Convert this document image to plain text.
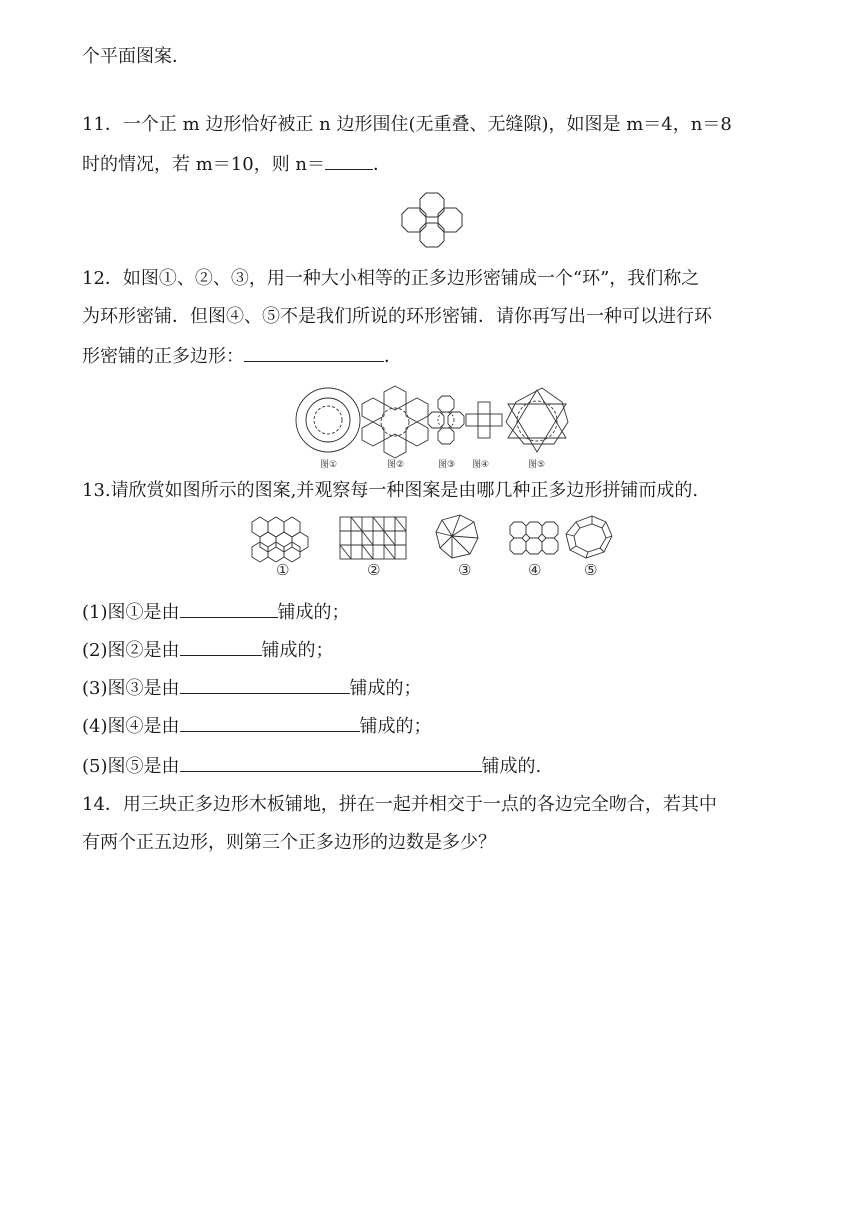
个平面图案．
11．一个正 m 边形恰好被正 n 边形围住(无重叠、无缝隙)，如图是 m＝4，n＝8
时的情况，若 m＝10，则 n＝	．
12．如图①、②、③，用一种大小相等的正多边形密铺成一个“环”，我们称之
为环形密铺．但图④、⑤不是我们所说的环形密铺．请你再写出一种可以进行环
形密铺的正多边形：	．
图①	图②	图③ 图④	图⑤
13.请欣赏如图所示的图案,并观察每一种图案是由哪几种正多边形拼铺而成的.
①	②	③	④	⑤
(1)图①是由	铺成的；
(2)图②是由	铺成的；
(3)图③是由	铺成的；
(4)图④是由	铺成的；
(5)图⑤是由	铺成的.
14．用三块正多边形木板铺地，拼在一起并相交于一点的各边完全吻合，若其中
有两个正五边形，则第三个正多边形的边数是多少？
